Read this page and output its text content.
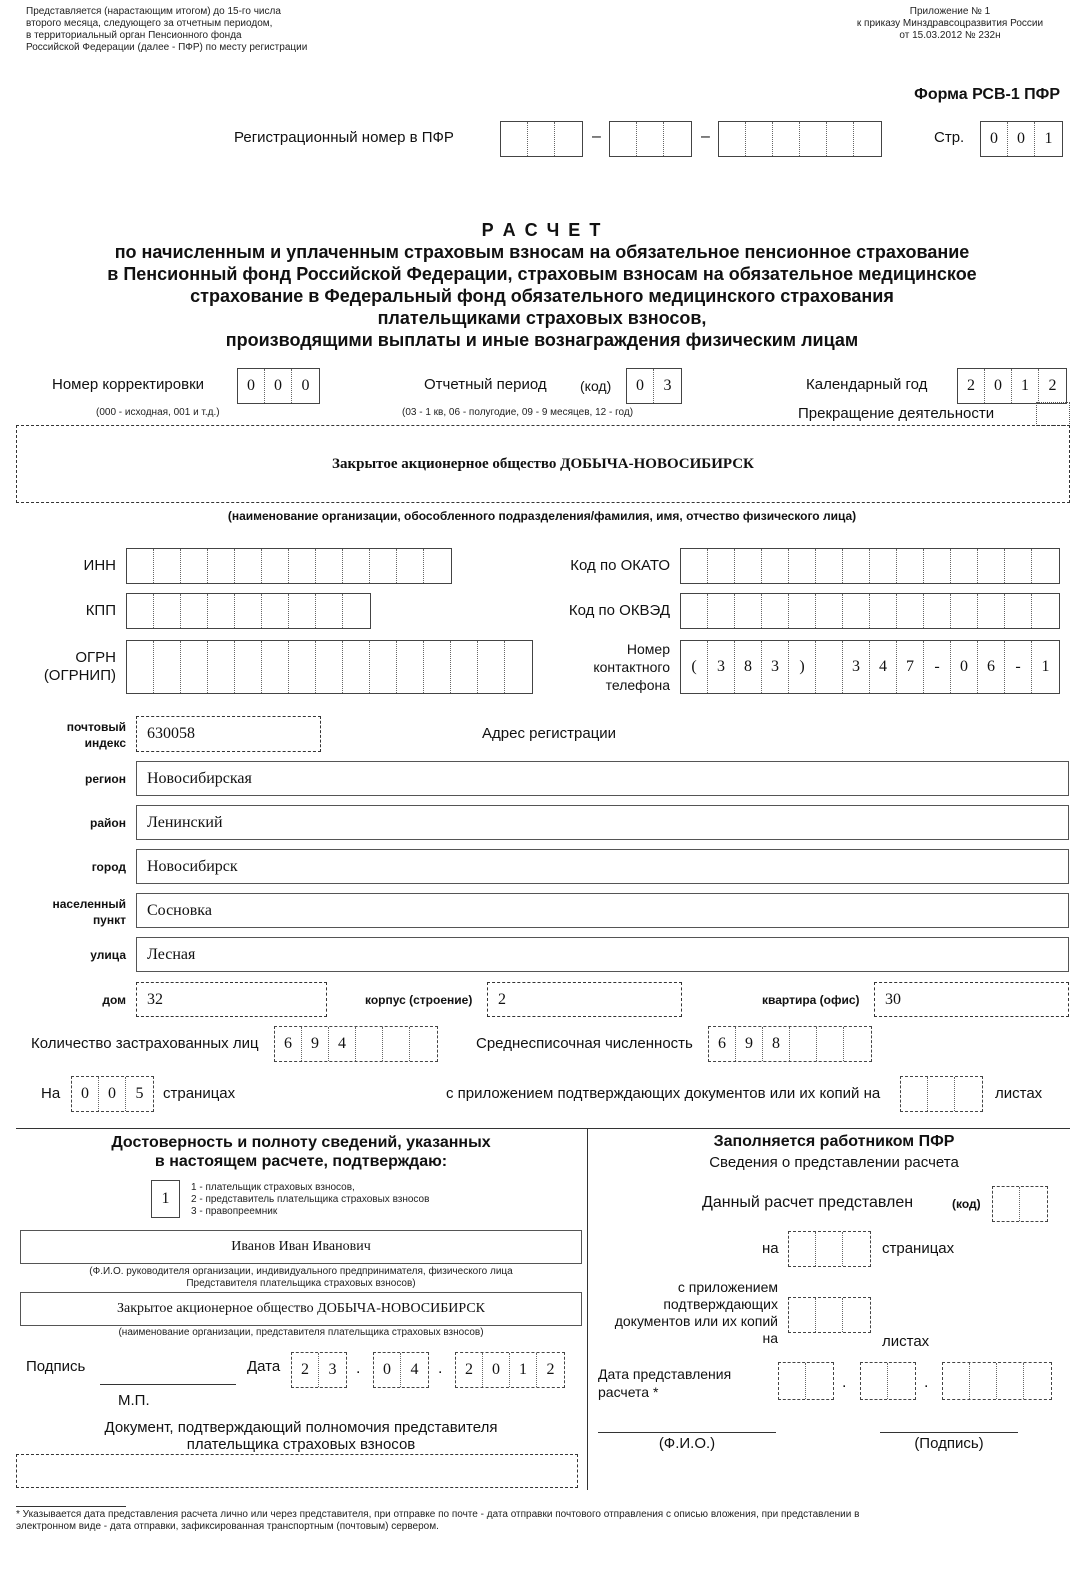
Представляется (нарастающим итогом) до 15-го числа
второго месяца, следующего за отчетным периодом,
в территориальный орган Пенсионного фонда
Российской Федерации (далее - ПФР) по месту регистрации
Приложение № 1
к приказу Минздравсоцразвития России
от 15.03.2012 № 232н
Форма РСВ-1 ПФР
Регистрационный номер в ПФР	–	–	Стр.	0	0	1
Р А С Ч Е Т
по начисленным и уплаченным страховым взносам на обязательное пенсионное страхование
в Пенсионный фонд Российской Федерации, страховым взносам на обязательное медицинское
страхование в Федеральный фонд обязательного медицинского страхования
плательщиками страховых взносов,
производящими выплаты и иные вознаграждения физическим лицам
Номер корректировки	0	0	0
(000 - исходная, 001 и т.д.)
Отчетный период (код)	0	3
(03 - 1 кв, 06 - полугодие, 09 - 9 месяцев, 12 - год)
Календарный год	2	0	1	2
Прекращение деятельности
Закрытое акционерное общество ДОБЫЧА-НОВОСИБИРСК
(наименование организации, обособленного подразделения/фамилия, имя, отчество физического лица)
ИНН
КПП
ОГРН
(ОГРНИП)
Код по ОКАТО
Код по ОКВЭД
Номер
контактного
телефона
(	3	8	3	)	3	4	7	-	0	6	-	1
почтовый
индекс
630058	Адрес регистрации
регион	Новосибирская
район	Ленинский
город	Новосибирск
населенный
пункт
Сосновка
улица	Лесная
дом	32	корпус (строение)	2	квартира (офис)	30
Количество застрахованных лиц	6	9	4	Среднесписочная численность	6	9	8
На	0	0	5	страницах	с приложением подтверждающих документов или их копий на	листах
Достоверность и полноту сведений, указанных
в настоящем расчете, подтверждаю:
1
1 - плательщик страховых взносов,
2 - представитель плательщика страховых взносов
3 - правопреемник
Иванов Иван Иванович
(Ф.И.О. руководителя организации, индивидуального предпринимателя, физического лица
Представителя плательщика страховых взносов)
Закрытое акционерное общество ДОБЫЧА-НОВОСИБИРСК
(наименование организации, представителя плательщика страховых взносов)
Подпись
М.П.
Дата	2	3	.	0	4	.	2	0	1	2
Документ, подтверждающий полномочия представителя
плательщика страховых взносов
Заполняется работником ПФР
Сведения о представлении расчета
Данный расчет представлен	(код)
на	страницах
с приложением
подтверждающих
документов или их копий
на	листах
Дата представления
расчета *
.	.
(Ф.И.О.)	(Подпись)
* Указывается дата представления расчета лично или через представителя, при отправке по почте - дата отправки почтового отправления с описью вложения, при представлении в
электронном виде - дата отправки, зафиксированная транспортным (почтовым) сервером.
